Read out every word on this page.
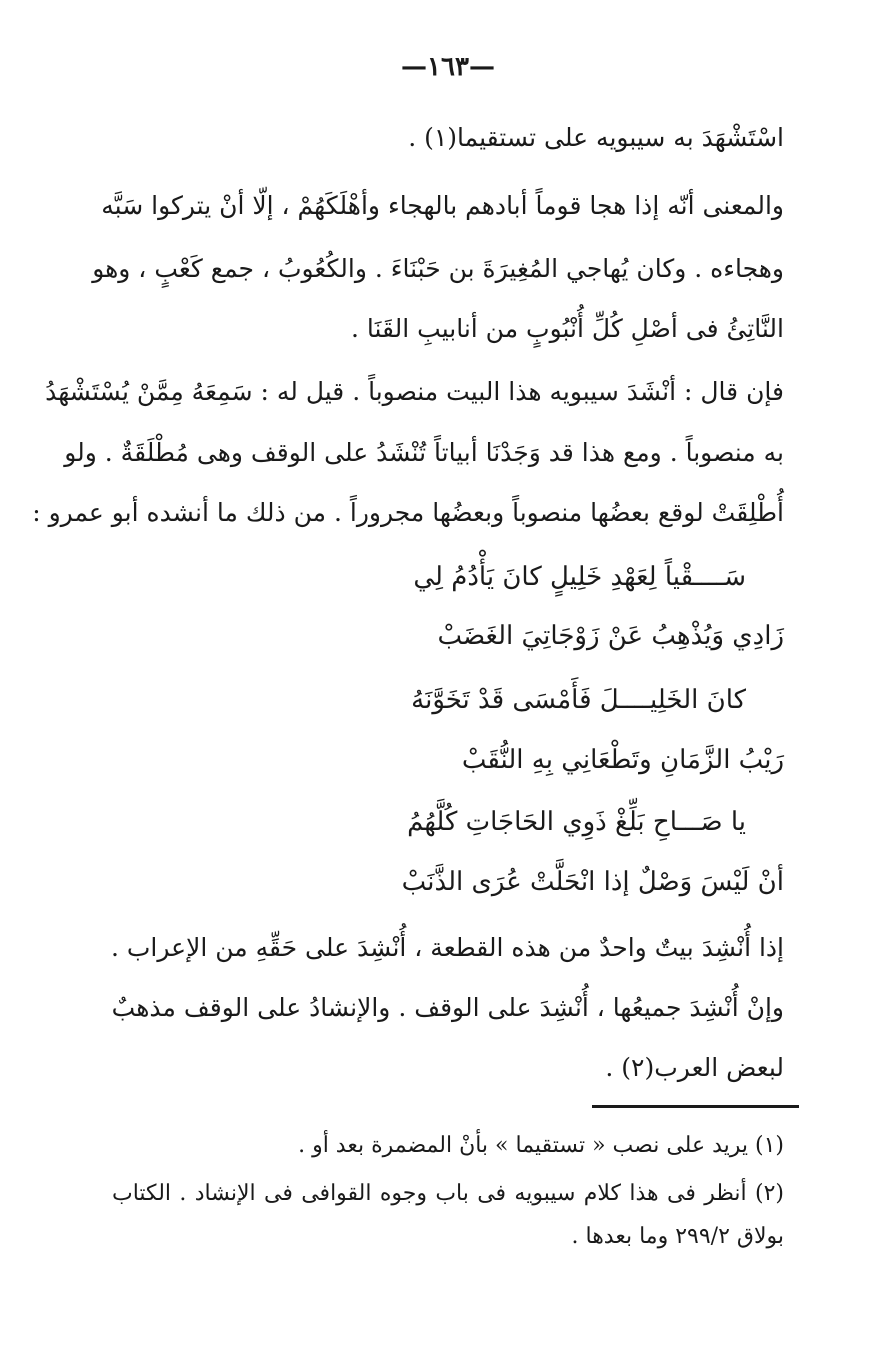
—١٦٣—
اسْتَشْهَدَ به سيبويه على تستقيما(١) .
والمعنى أنّه إذا هجا قوماً أبادهم بالهجاء وأهْلَكَهُمْ ، إلّا أنْ يتركوا سَبَّه
وهجاءه . وكان يُهاجي المُغِيرَةَ بن حَبْنَاءَ . والكُعُوبُ ، جمع كَعْبٍ ، وهو
النَّاتِئُ فى أصْلِ كُلِّ أُنْبُوبٍ من أنابيبِ القَنَا .
فإن قال : أنْشَدَ سيبويه هذا البيت منصوباً . قيل له : سَمِعَهُ مِمَّنْ يُسْتَشْهَدُ
به منصوباً . ومع هذا قد وَجَدْنَا أبياتاً تُنْشَدُ على الوقف وهى مُطْلَقَةٌ . ولو
أُطْلِقَتْ لوقع بعضُها منصوباً وبعضُها مجروراً . من ذلك ما أنشده أبو عمرو :
سَــــقْياً لِعَهْدِ خَلِيلٍ كانَ يَأْدُمُ لِي
زَادِي وَيُذْهِبُ عَنْ زَوْجَاتِيَ الغَضَبْ
كانَ الخَلِيــــلَ فَأَمْسَى قَدْ تَخَوَّنَهُ
رَيْبُ الزَّمَانِ وتَطْعَانِي بِهِ النُّقَبْ
يا صَـــاحِ بَلِّغْ ذَوِي الحَاجَاتِ كُلَّهُمُ
أنْ لَيْسَ وَصْلٌ إذا انْحَلَّتْ عُرَى الذَّنَبْ
إذا أُنْشِدَ بيتٌ واحدٌ من هذه القطعة ، أُنْشِدَ على حَقِّهِ من الإعراب .
وإنْ أُنْشِدَ جميعُها ، أُنْشِدَ على الوقف . والإنشادُ على الوقف مذهبٌ
لبعض العرب(٢) .
(١) يريد على نصب « تستقيما » بأنْ المضمرة بعد أو .
(٢) أنظر فى هذا كلام سيبويه فى باب وجوه القوافى فى الإنشاد . الكتاب
بولاق ٢٩٩/٢ وما بعدها .
